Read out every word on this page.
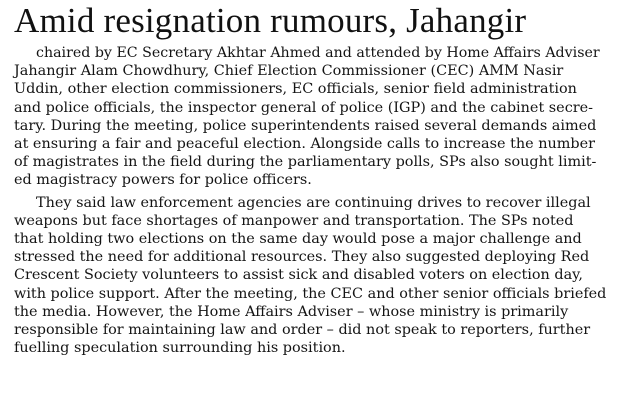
Amid resignation rumours, Jahangir

chaired by EC Secretary Akhtar Ahmed and attended by Home Affairs Adviser
Jahangir Alam Chowdhury, Chief Election Commissioner (CEC) AMM Nasir
Uddin, other election commissioners, EC officials, senior field administration
and police officials, the inspector general of police (IGP) and the cabinet secre-
tary. During the meeting, police superintendents raised several demands aimed
at ensuring a fair and peaceful election. Alongside calls to increase the number
of magistrates in the field during the parliamentary polls, SPs also sought limit-
ed magistracy powers for police officers.

They said law enforcement agencies are continuing drives to recover illegal
weapons but face shortages of manpower and transportation. The SPs noted
that holding two elections on the same day would pose a major challenge and
stressed the need for additional resources. They also suggested deploying Red
Crescent Society volunteers to assist sick and disabled voters on election day,
with police support. After the meeting, the CEC and other senior officials briefed
the media. However, the Home Affairs Adviser – whose ministry is primarily
responsible for maintaining law and order – did not speak to reporters, further
fuelling speculation surrounding his position.
